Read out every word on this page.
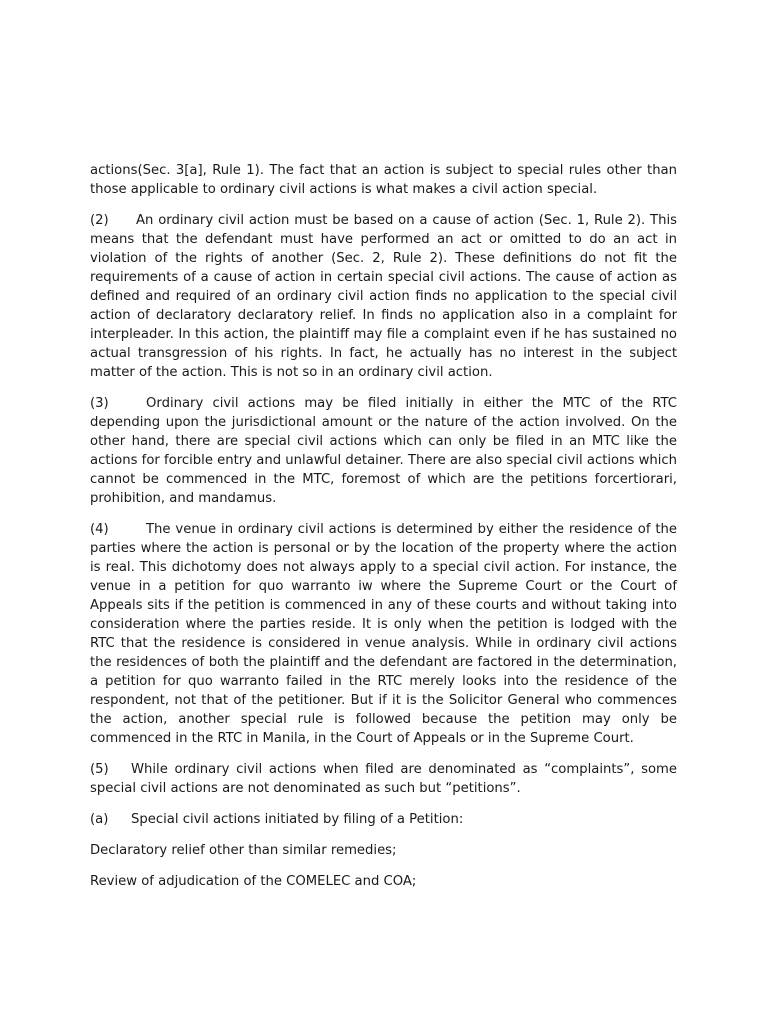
actions(Sec. 3[a], Rule 1). The fact that an action is subject to special rules other than those applicable to ordinary civil actions is what makes a civil action special.

(2) An ordinary civil action must be based on a cause of action (Sec. 1, Rule 2). This means that the defendant must have performed an act or omitted to do an act in violation of the rights of another (Sec. 2, Rule 2). These definitions do not fit the requirements of a cause of action in certain special civil actions. The cause of action as defined and required of an ordinary civil action finds no application to the special civil action of declaratory declaratory relief. In finds no application also in a complaint for interpleader. In this action, the plaintiff may file a complaint even if he has sustained no actual transgression of his rights. In fact, he actually has no interest in the subject matter of the action. This is not so in an ordinary civil action.

(3)	Ordinary civil actions may be filed initially in either the MTC of the RTC depending upon the jurisdictional amount or the nature of the action involved. On the other hand, there are special civil actions which can only be filed in an MTC like the actions for forcible entry and unlawful detainer. There are also special civil actions which cannot be commenced in the MTC, foremost of which are the petitions forcertiorari, prohibition, and mandamus.

(4)	The venue in ordinary civil actions is determined by either the residence of the parties where the action is personal or by the location of the property where the action is real. This dichotomy does not always apply to a special civil action. For instance, the venue in a petition for quo warranto iw where the Supreme Court or the Court of Appeals sits if the petition is commenced in any of these courts and without taking into consideration where the parties reside. It is only when the petition is lodged with the RTC that the residence is considered in venue analysis. While in ordinary civil actions the residences of both the plaintiff and the defendant are factored in the determination, a petition for quo warranto failed in the RTC merely looks into the residence of the respondent, not that of the petitioner. But if it is the Solicitor General who commences the action, another special rule is followed because the petition may only be commenced in the RTC in Manila, in the Court of Appeals or in the Supreme Court.

(5) While ordinary civil actions when filed are denominated as “complaints”, some special civil actions are not denominated as such but “petitions”.

(a) Special civil actions initiated by filing of a Petition:

Declaratory relief other than similar remedies;

Review of adjudication of the COMELEC and COA;
